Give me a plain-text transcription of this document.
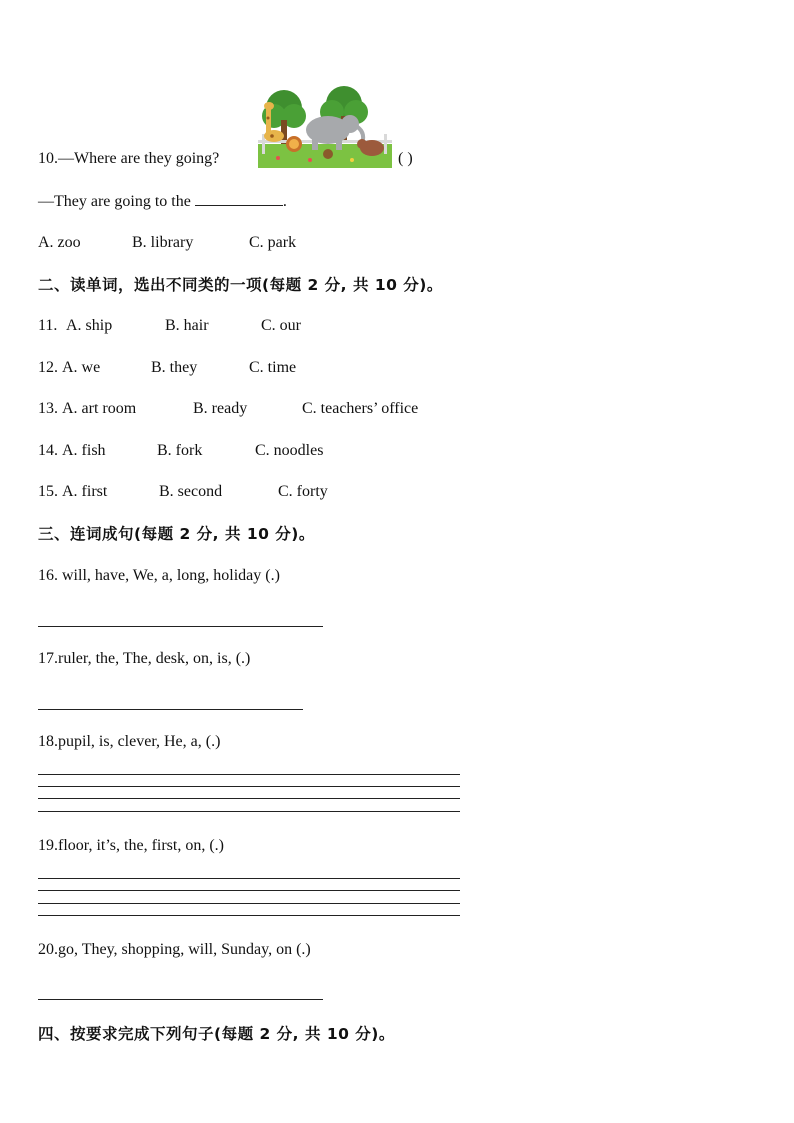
10.—Where are they going?	( )
—They are going to the	.
A. zoo	B. library	C. park
二、读单词，选出不同类的一项(每题 2 分, 共 10 分)。
11. A. ship	B. hair	C. our
12. A. we	B. they	C. time
13. A. art room	B. ready	C. teachers’ office
14. A. fish	B. fork	C. noodles
15. A. first	B. second	C. forty
三、连词成句(每题 2 分, 共 10 分)。
16. will, have, We, a, long, holiday (.)
17.ruler, the, The, desk, on, is, (.)
18.pupil, is, clever, He, a, (.)
19.floor, it’s, the, first, on, (.)
20.go, They, shopping, will, Sunday, on (.)
四、按要求完成下列句子(每题 2 分, 共 10 分)。
